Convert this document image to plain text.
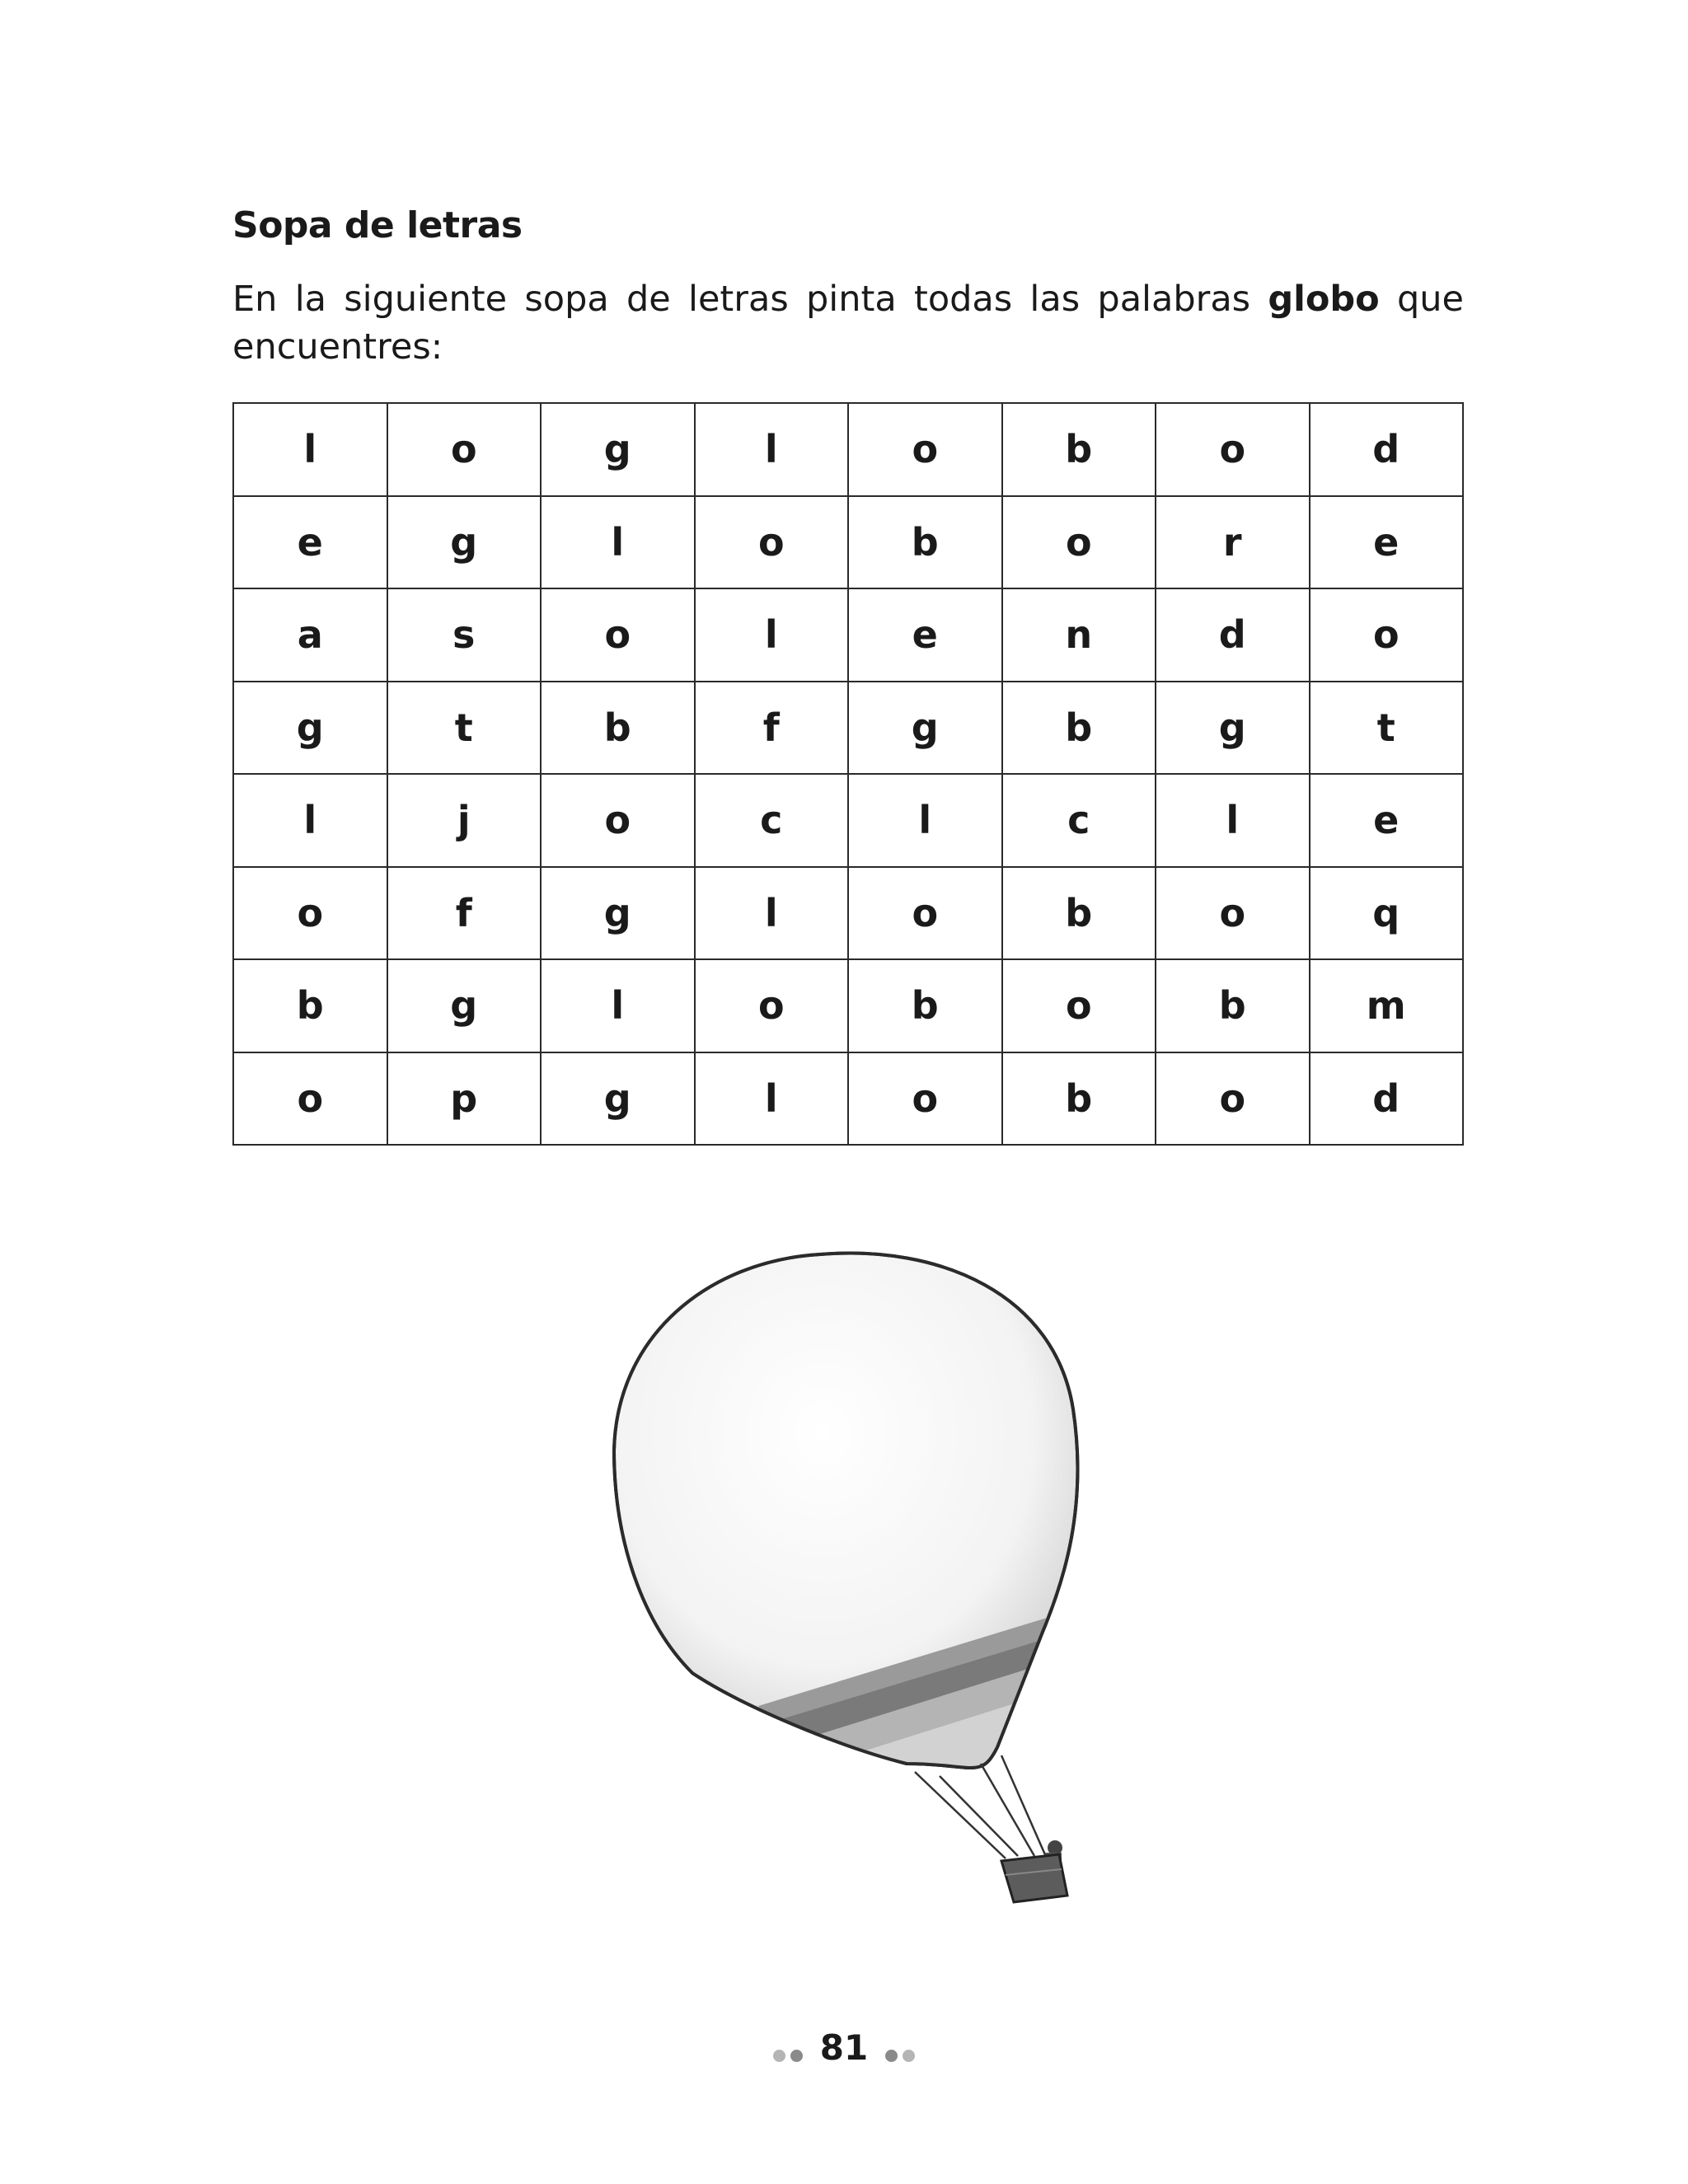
Sopa de letras
En la siguiente sopa de letras pinta todas las palabras globo que encuentres:
l	o	g	l	o	b	o	d
e	g	l	o	b	o	r	e
a	s	o	l	e	n	d	o
g	t	b	f	g	b	g	t
l	j	o	c	l	c	l	e
o	f	g	l	o	b	o	q
b	g	l	o	b	o	b	m
o	p	g	l	o	b	o	d
81
